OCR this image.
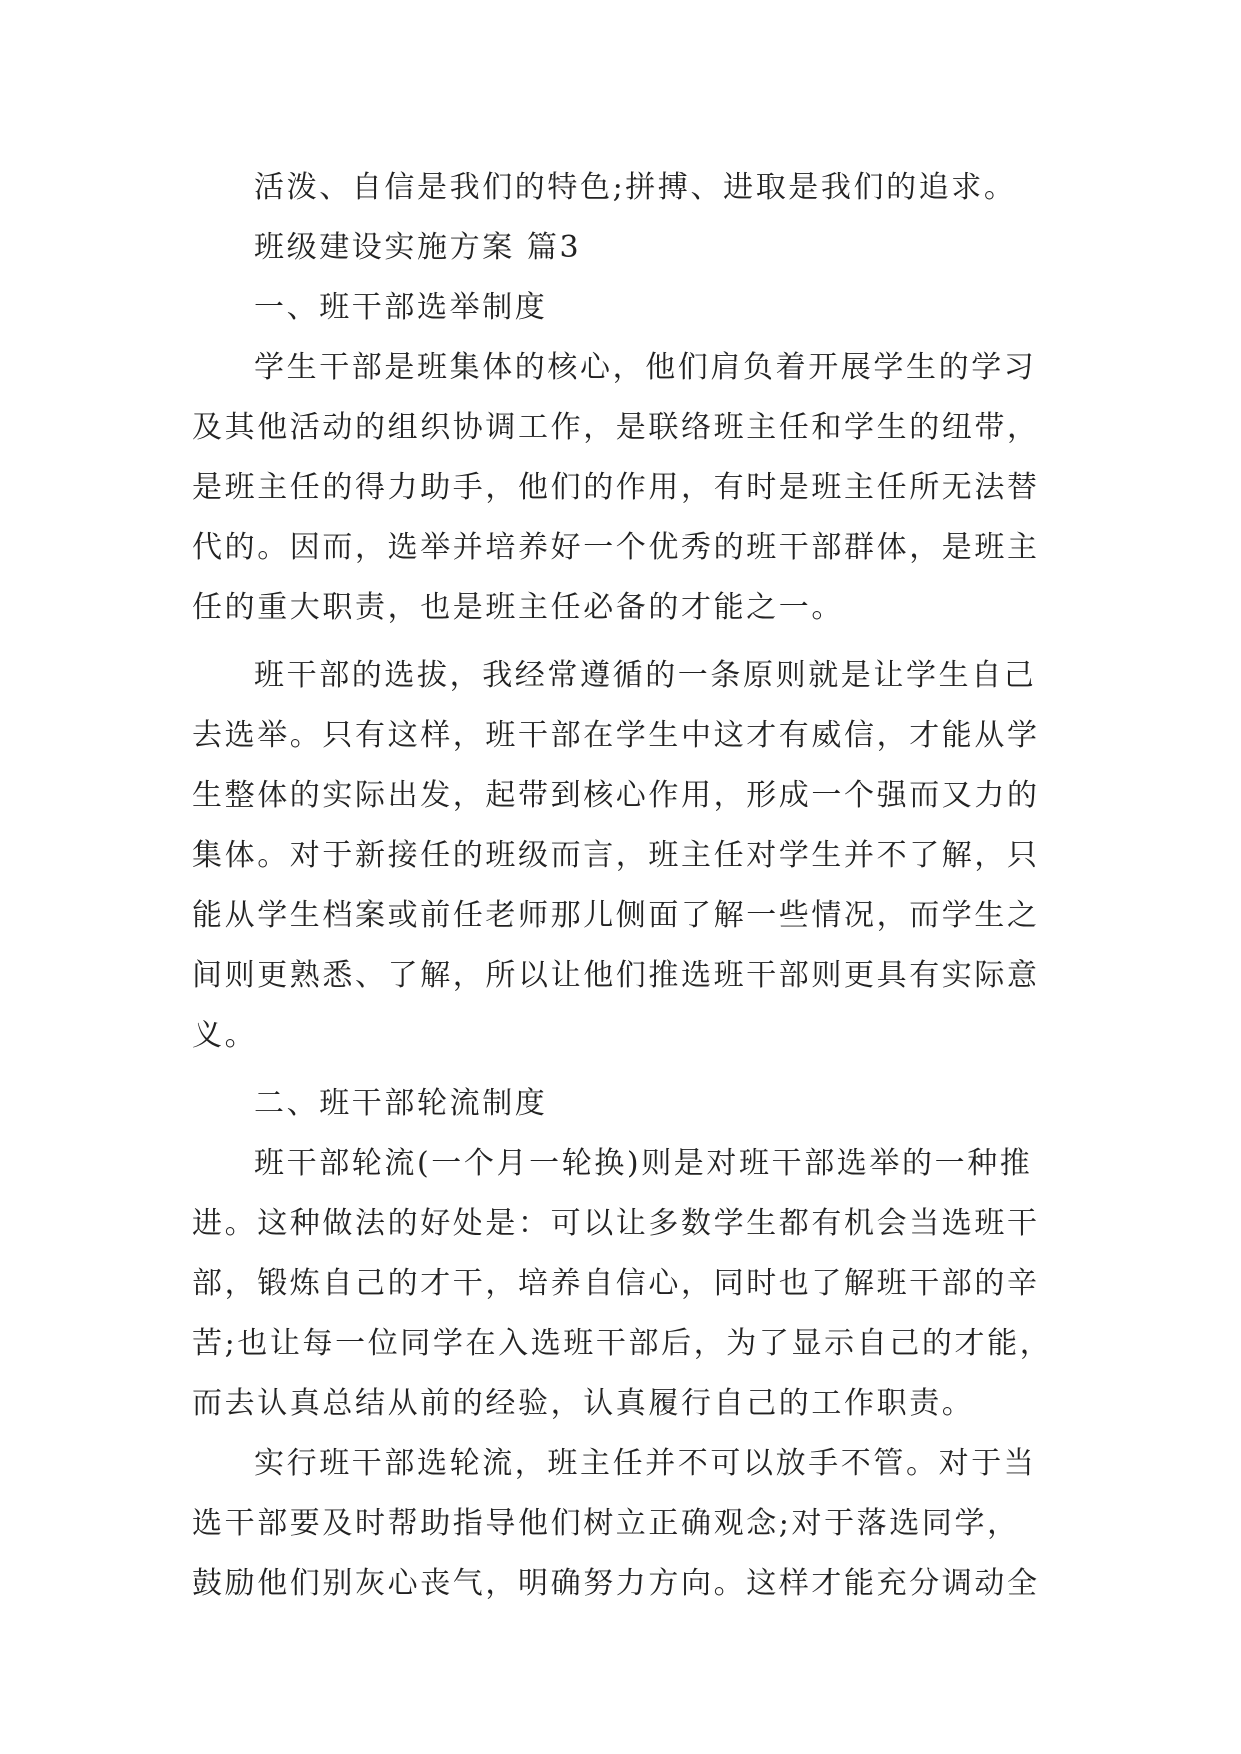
活泼、自信是我们的特色;拼搏、进取是我们的追求。
班级建设实施方案 篇3
一、班干部选举制度
学生干部是班集体的核心，他们肩负着开展学生的学习
及其他活动的组织协调工作，是联络班主任和学生的纽带，
是班主任的得力助手，他们的作用，有时是班主任所无法替
代的。因而，选举并培养好一个优秀的班干部群体，是班主
任的重大职责，也是班主任必备的才能之一。
班干部的选拔，我经常遵循的一条原则就是让学生自己
去选举。只有这样，班干部在学生中这才有威信，才能从学
生整体的实际出发，起带到核心作用，形成一个强而又力的
集体。对于新接任的班级而言，班主任对学生并不了解，只
能从学生档案或前任老师那儿侧面了解一些情况，而学生之
间则更熟悉、了解，所以让他们推选班干部则更具有实际意
义。
二、班干部轮流制度
班干部轮流(一个月一轮换)则是对班干部选举的一种推
进。这种做法的好处是：可以让多数学生都有机会当选班干
部，锻炼自己的才干，培养自信心，同时也了解班干部的辛
苦;也让每一位同学在入选班干部后，为了显示自己的才能，
而去认真总结从前的经验，认真履行自己的工作职责。
实行班干部选轮流，班主任并不可以放手不管。对于当
选干部要及时帮助指导他们树立正确观念;对于落选同学，
鼓励他们别灰心丧气，明确努力方向。这样才能充分调动全
